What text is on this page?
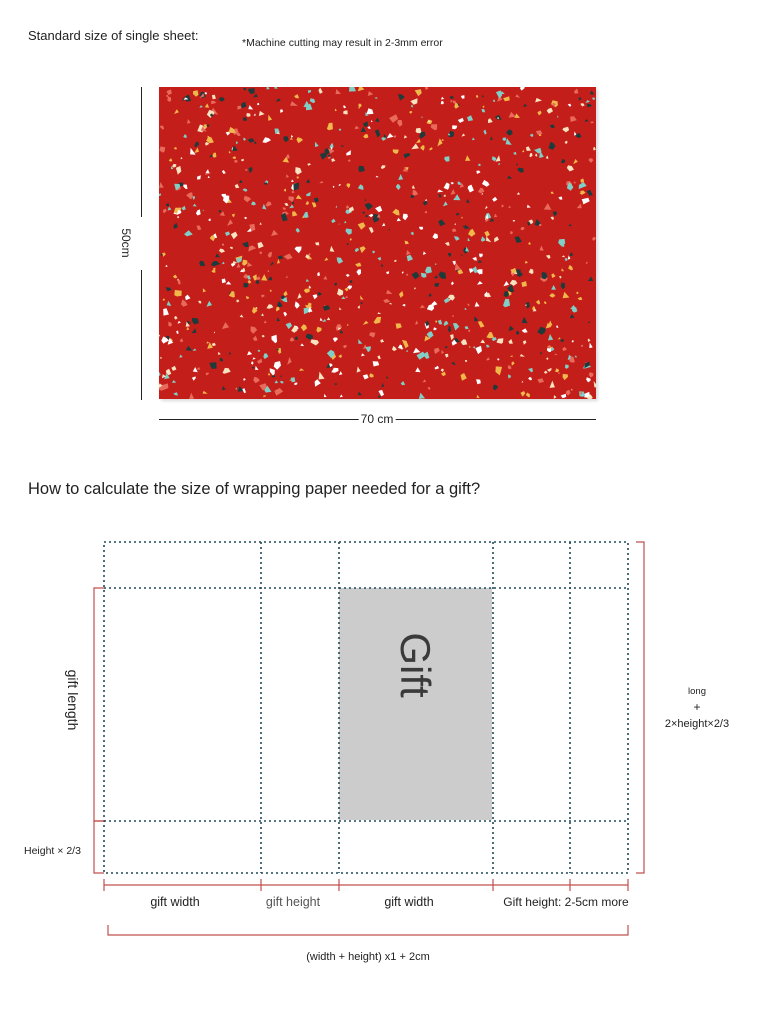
Standard size of single sheet:	*Machine cutting may result in 2-3mm error
50cm
70 cm
How to calculate the size of wrapping paper needed for a gift?
gift length
Gift
Height × 2/3
long
+
2×height×2/3
gift width	gift height	gift width	Gift height: 2-5cm more
(width + height) x1 + 2cm
